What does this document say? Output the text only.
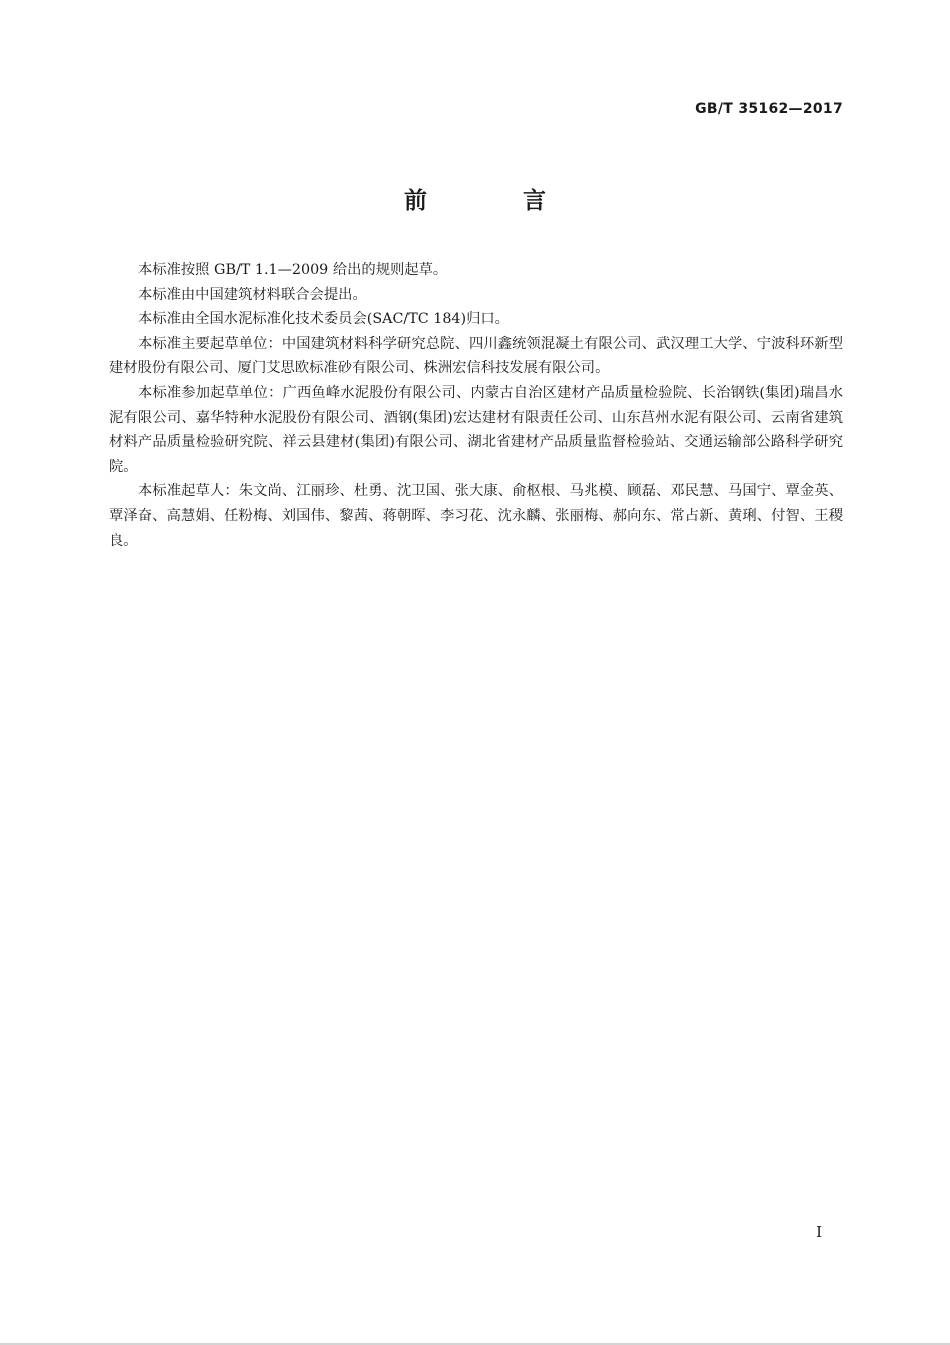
GB/T 35162—2017
前 言

本标准按照 GB/T 1.1—2009 给出的规则起草。

本标准由中国建筑材料联合会提出。

本标准由全国水泥标准化技术委员会(SAC/TC 184)归口。

本标准主要起草单位：中国建筑材料科学研究总院、四川鑫统领混凝土有限公司、武汉理工大学、宁波科环新型建材股份有限公司、厦门艾思欧标准砂有限公司、株洲宏信科技发展有限公司。

本标准参加起草单位：广西鱼峰水泥股份有限公司、内蒙古自治区建材产品质量检验院、长治钢铁(集团)瑞昌水泥有限公司、嘉华特种水泥股份有限公司、酒钢(集团)宏达建材有限责任公司、山东莒州水泥有限公司、云南省建筑材料产品质量检验研究院、祥云县建材(集团)有限公司、湖北省建材产品质量监督检验站、交通运输部公路科学研究院。

本标准起草人：朱文尚、江丽珍、杜勇、沈卫国、张大康、俞枢根、马兆模、顾磊、邓民慧、马国宁、覃金英、覃泽奋、高慧娟、任粉梅、刘国伟、黎茜、蒋朝晖、李习花、沈永麟、张丽梅、郝向东、常占新、黄琍、付智、王稷良。

I
